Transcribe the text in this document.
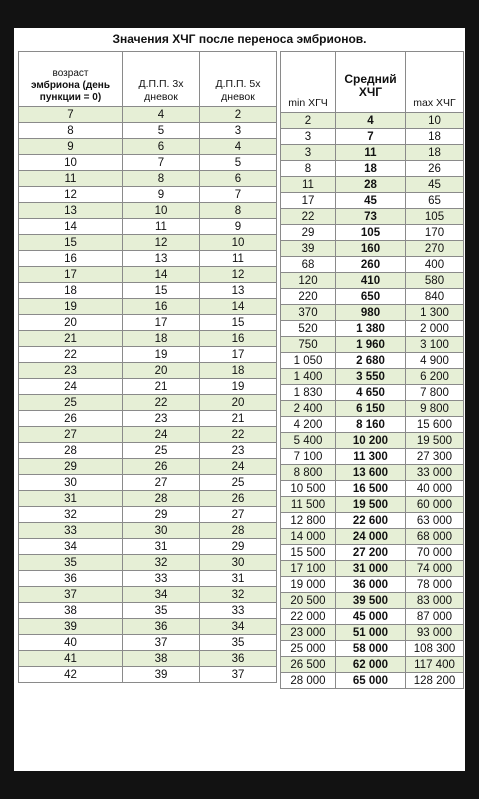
Значения ХЧГ после переноса эмбрионов.
возраст
эмбриона (день
пункции = 0)	Д.П.П. 3х дневок	Д.П.П. 5х дневок
7	4	2
8	5	3
9	6	4
10	7	5
11	8	6
12	9	7
13	10	8
14	11	9
15	12	10
16	13	11
17	14	12
18	15	13
19	16	14
20	17	15
21	18	16
22	19	17
23	20	18
24	21	19
25	22	20
26	23	21
27	24	22
28	25	23
29	26	24
30	27	25
31	28	26
32	29	27
33	30	28
34	31	29
35	32	30
36	33	31
37	34	32
38	35	33
39	36	34
40	37	35
41	38	36
42	39	37
min ХГЧ	Средний ХЧГ	max ХЧГ
2	4	10
3	7	18
3	11	18
8	18	26
11	28	45
17	45	65
22	73	105
29	105	170
39	160	270
68	260	400
120	410	580
220	650	840
370	980	1 300
520	1 380	2 000
750	1 960	3 100
1 050	2 680	4 900
1 400	3 550	6 200
1 830	4 650	7 800
2 400	6 150	9 800
4 200	8 160	15 600
5 400	10 200	19 500
7 100	11 300	27 300
8 800	13 600	33 000
10 500	16 500	40 000
11 500	19 500	60 000
12 800	22 600	63 000
14 000	24 000	68 000
15 500	27 200	70 000
17 100	31 000	74 000
19 000	36 000	78 000
20 500	39 500	83 000
22 000	45 000	87 000
23 000	51 000	93 000
25 000	58 000	108 300
26 500	62 000	117 400
28 000	65 000	128 200
